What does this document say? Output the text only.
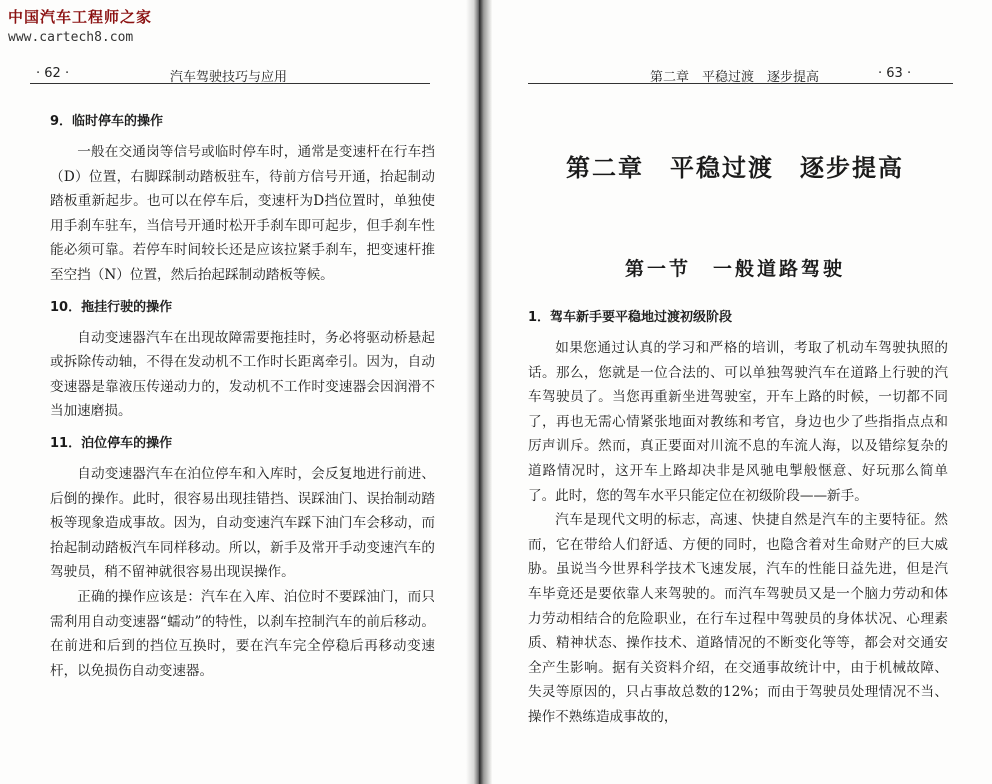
中国汽车工程师之家
www.cartech8.com
· 62 ·	汽车驾驶技巧与应用
9．临时停车的操作

一般在交通岗等信号或临时停车时，通常是变速杆在行车挡（D）位置，右脚踩制动踏板驻车，待前方信号开通，抬起制动踏板重新起步。也可以在停车后，变速杆为D挡位置时，单独使用手刹车驻车，当信号开通时松开手刹车即可起步，但手刹车性能必须可靠。若停车时间较长还是应该拉紧手刹车，把变速杆推至空挡（N）位置，然后抬起踩制动踏板等候。

10．拖挂行驶的操作

自动变速器汽车在出现故障需要拖挂时，务必将驱动桥悬起或拆除传动轴，不得在发动机不工作时长距离牵引。因为，自动变速器是靠液压传递动力的，发动机不工作时变速器会因润滑不当加速磨损。

11．泊位停车的操作

自动变速器汽车在泊位停车和入库时，会反复地进行前进、后倒的操作。此时，很容易出现挂错挡、误踩油门、误抬制动踏板等现象造成事故。因为，自动变速汽车踩下油门车会移动，而抬起制动踏板汽车同样移动。所以，新手及常开手动变速汽车的驾驶员，稍不留神就很容易出现误操作。

正确的操作应该是：汽车在入库、泊位时不要踩油门，而只需利用自动变速器“蠕动”的特性，以刹车控制汽车的前后移动。在前进和后到的挡位互换时，要在汽车完全停稳后再移动变速杆，以免损伤自动变速器。

第二章　平稳过渡　逐步提高	· 63 ·
第二章　平稳过渡　逐步提高
第一节　一般道路驾驶
1．驾车新手要平稳地过渡初级阶段

如果您通过认真的学习和严格的培训，考取了机动车驾驶执照的话。那么，您就是一位合法的、可以单独驾驶汽车在道路上行驶的汽车驾驶员了。当您再重新坐进驾驶室，开车上路的时候，一切都不同了，再也无需心情紧张地面对教练和考官，身边也少了些指指点点和厉声训斥。然而，真正要面对川流不息的车流人海，以及错综复杂的道路情况时，这开车上路却决非是风驰电掣般惬意、好玩那么简单了。此时，您的驾车水平只能定位在初级阶段——新手。

汽车是现代文明的标志，高速、快捷自然是汽车的主要特征。然而，它在带给人们舒适、方便的同时，也隐含着对生命财产的巨大威胁。虽说当今世界科学技术飞速发展，汽车的性能日益先进，但是汽车毕竟还是要依靠人来驾驶的。而汽车驾驶员又是一个脑力劳动和体力劳动相结合的危险职业，在行车过程中驾驶员的身体状况、心理素质、精神状态、操作技术、道路情况的不断变化等等，都会对交通安全产生影响。据有关资料介绍，在交通事故统计中，由于机械故障、失灵等原因的，只占事故总数的12%；而由于驾驶员处理情况不当、操作不熟练造成事故的，
